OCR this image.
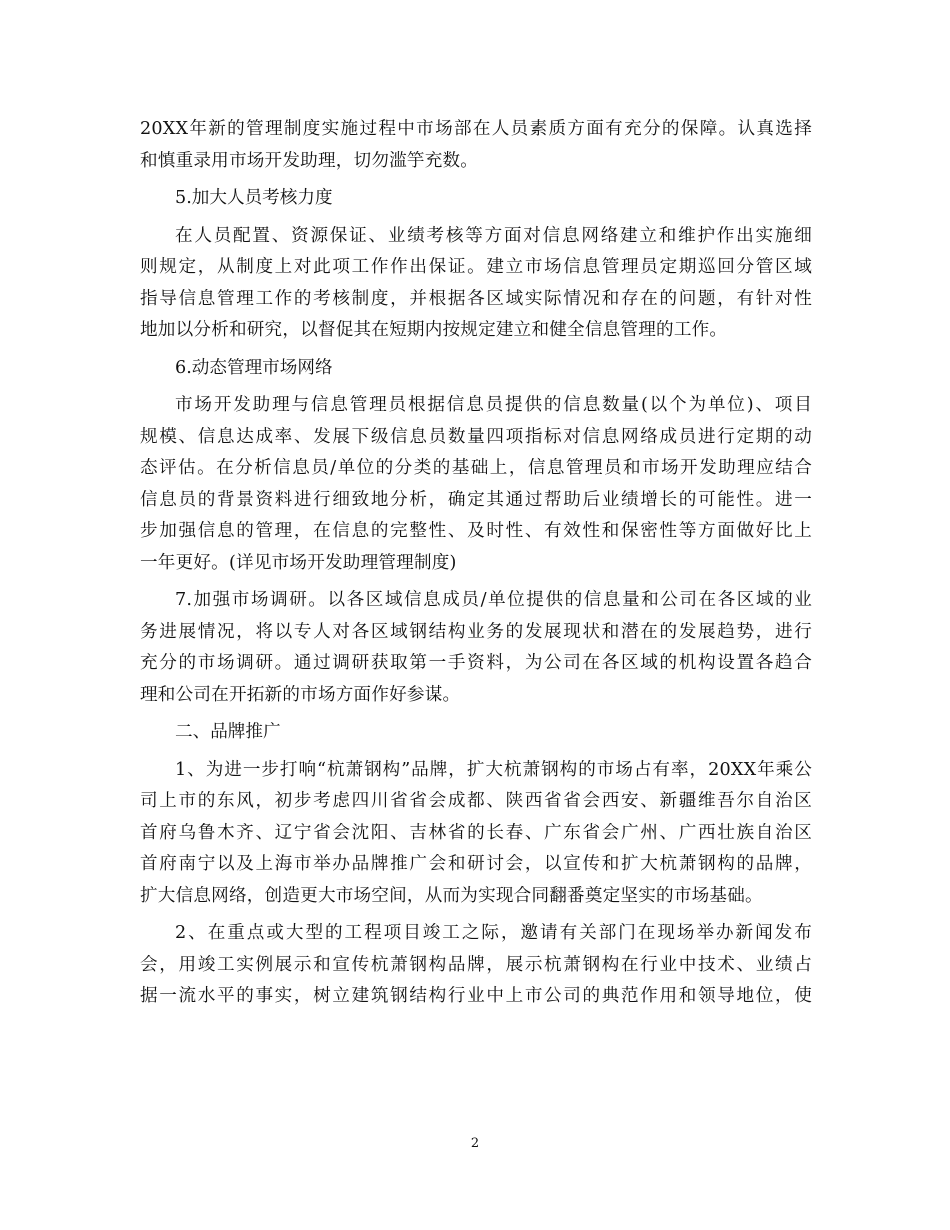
20XX年新的管理制度实施过程中市场部在人员素质方面有充分的保障。认真选择
和慎重录用市场开发助理，切勿滥竽充数。

5.加大人员考核力度

在人员配置、资源保证、业绩考核等方面对信息网络建立和维护作出实施细
则规定，从制度上对此项工作作出保证。建立市场信息管理员定期巡回分管区域
指导信息管理工作的考核制度，并根据各区域实际情况和存在的问题，有针对性
地加以分析和研究，以督促其在短期内按规定建立和健全信息管理的工作。

6.动态管理市场网络

市场开发助理与信息管理员根据信息员提供的信息数量(以个为单位)、项目
规模、信息达成率、发展下级信息员数量四项指标对信息网络成员进行定期的动
态评估。在分析信息员/单位的分类的基础上，信息管理员和市场开发助理应结合
信息员的背景资料进行细致地分析，确定其通过帮助后业绩增长的可能性。进一
步加强信息的管理，在信息的完整性、及时性、有效性和保密性等方面做好比上
一年更好。(详见市场开发助理管理制度)

7.加强市场调研。以各区域信息成员/单位提供的信息量和公司在各区域的业
务进展情况，将以专人对各区域钢结构业务的发展现状和潜在的发展趋势，进行
充分的市场调研。通过调研获取第一手资料，为公司在各区域的机构设置各趋合
理和公司在开拓新的市场方面作好参谋。

二、品牌推广

1、为进一步打响“杭萧钢构”品牌，扩大杭萧钢构的市场占有率，20XX年乘公
司上市的东风，初步考虑四川省省会成都、陕西省省会西安、新疆维吾尔自治区
首府乌鲁木齐、辽宁省会沈阳、吉林省的长春、广东省会广州、广西壮族自治区
首府南宁以及上海市举办品牌推广会和研讨会，以宣传和扩大杭萧钢构的品牌，
扩大信息网络，创造更大市场空间，从而为实现合同翻番奠定坚实的市场基础。

2、在重点或大型的工程项目竣工之际，邀请有关部门在现场举办新闻发布
会，用竣工实例展示和宣传杭萧钢构品牌，展示杭萧钢构在行业中技术、业绩占
据一流水平的事实，树立建筑钢结构行业中上市公司的典范作用和领导地位，使

2
